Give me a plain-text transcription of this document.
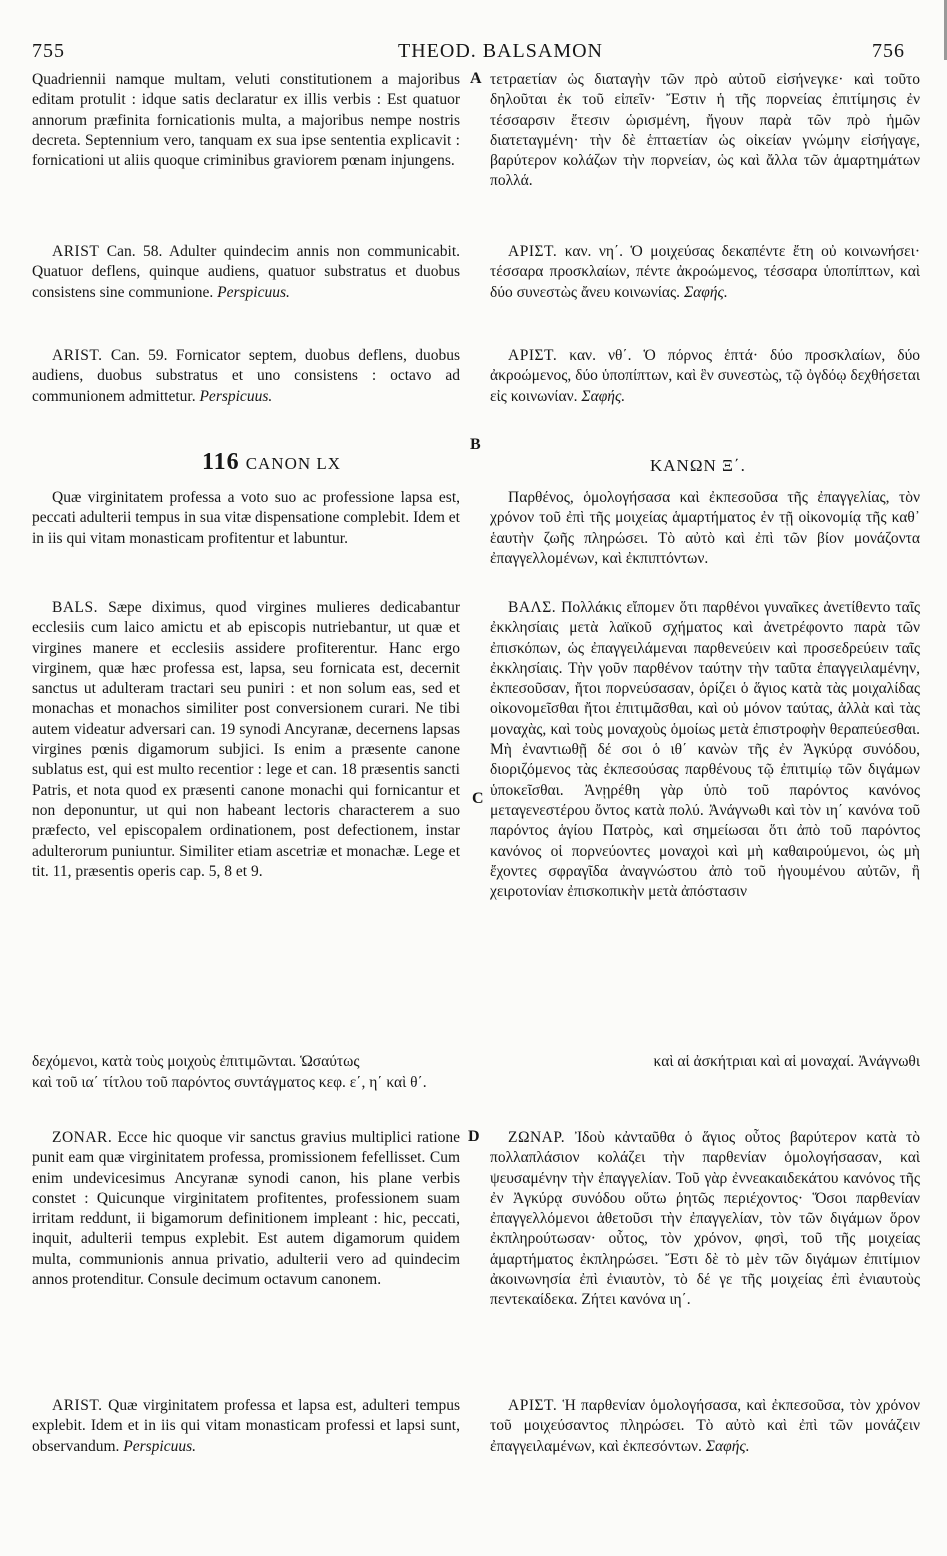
755	THEOD. BALSAMON	756
A
B
C
D

Quadriennii namque multam, veluti constitutionem a majoribus editam protulit : idque satis declaratur ex illis verbis : Est quatuor annorum præfinita fornicationis multa, a majoribus nempe nostris decreta. Septennium vero, tanquam ex sua ipse sententia explicavit : fornicationi ut aliis quoque criminibus graviorem pœnam injungens.

ARIST Can. 58. Adulter quindecim annis non communicabit. Quatuor deflens, quinque audiens, quatuor substratus et duobus consistens sine communione. Perspicuus.

ARIST. Can. 59. Fornicator septem, duobus deflens, duobus audiens, duobus substratus et uno consistens : octavo ad communionem admittetur. Perspicuus.

116 CANON LX

Quæ virginitatem professa a voto suo ac professione lapsa est, peccati adulterii tempus in sua vitæ dispensatione complebit. Idem et in iis qui vitam monasticam profitentur et labuntur.

BALS. Sæpe diximus, quod virgines mulieres dedicabantur ecclesiis cum laico amictu et ab episcopis nutriebantur, ut quæ et virgines manere et ecclesiis assidere profiterentur. Hanc ergo virginem, quæ hæc professa est, lapsa, seu fornicata est, decernit sanctus ut adulteram tractari seu puniri : et non solum eas, sed et monachas et monachos similiter post conversionem curari. Ne tibi autem videatur adversari can. 19 synodi Ancyranæ, decernens lapsas virgines pœnis digamorum subjici. Is enim a præsente canone sublatus est, qui est multo recentior : lege et can. 18 præsentis sancti Patris, et nota quod ex præsenti canone monachi qui fornicantur et non deponuntur, ut qui non habeant lectoris characterem a suo præfecto, vel episcopalem ordinationem, post defectionem, instar adulterorum puniuntur. Similiter etiam ascetriæ et monachæ. Lege et tit. 11, præsentis operis cap. 5, 8 et 9.

ZONAR. Ecce hic quoque vir sanctus gravius multiplici ratione punit eam quæ virginitatem professa, promissionem fefellisset. Cum enim undevicesimus Ancyranæ synodi canon, his plane verbis constet : Quicunque virginitatem profitentes, professionem suam irritam reddunt, ii bigamorum definitionem impleant : hic, peccati, inquit, adulterii tempus explebit. Est autem digamorum quidem multa, communionis annua privatio, adulterii vero ad quindecim annos protenditur. Consule decimum octavum canonem.

ARIST. Quæ virginitatem professa et lapsa est, adulteri tempus explebit. Idem et in iis qui vitam monasticam professi et lapsi sunt, observandum. Perspicuus.

τετραετίαν ὡς διαταγὴν τῶν πρὸ αὐτοῦ εἰσήνεγκε· καὶ τοῦτο δηλοῦται ἐκ τοῦ εἰπεῖν· Ἔστιν ἡ τῆς πορνείας ἐπιτίμησις ἐν τέσσαρσιν ἔτεσιν ὡρισμένη, ἤγουν παρὰ τῶν πρὸ ἡμῶν διατεταγμένη· τὴν δὲ ἑπταετίαν ὡς οἰκείαν γνώμην εἰσήγαγε, βαρύτερον κολάζων τὴν πορνείαν, ὡς καὶ ἄλλα τῶν ἁμαρτημάτων πολλά.

ΑΡΙΣΤ. καν. νη΄. Ὁ μοιχεύσας δεκαπέντε ἔτη οὐ κοινωνήσει· τέσσαρα προσκλαίων, πέντε ἀκροώμενος, τέσσαρα ὑποπίπτων, καὶ δύο συνεστὼς ἄνευ κοινωνίας. Σαφής.

ΑΡΙΣΤ. καν. νθ΄. Ὁ πόρνος ἑπτά· δύο προσκλαίων, δύο ἀκροώμενος, δύο ὑποπίπτων, καὶ ἓν συνεστὼς, τῷ ὀγδόῳ δεχθήσεται εἰς κοινωνίαν. Σαφής.

ΚΑΝΩΝ Ξ΄.

Παρθένος, ὁμολογήσασα καὶ ἐκπεσοῦσα τῆς ἐπαγγελίας, τὸν χρόνον τοῦ ἐπὶ τῆς μοιχείας ἁμαρτήματος ἐν τῇ οἰκονομίᾳ τῆς καθ᾽ ἑαυτὴν ζωῆς πληρώσει. Τὸ αὐτὸ καὶ ἐπὶ τῶν βίον μονάζοντα ἐπαγγελλομένων, καὶ ἐκπιπτόντων.

ΒΑΛΣ. Πολλάκις εἴπομεν ὅτι παρθένοι γυναῖκες ἀνετίθεντο ταῖς ἐκκλησίαις μετὰ λαϊκοῦ σχήματος καὶ ἀνετρέφοντο παρὰ τῶν ἐπισκόπων, ὡς ἐπαγγειλάμεναι παρθενεύειν καὶ προσεδρεύειν ταῖς ἐκκλησίαις. Τὴν γοῦν παρθένον ταύτην τὴν ταῦτα ἐπαγγειλαμένην, ἐκπεσοῦσαν, ἤτοι πορνεύσασαν, ὁρίζει ὁ ἅγιος κατὰ τὰς μοιχαλίδας οἰκονομεῖσθαι ἤτοι ἐπιτιμᾶσθαι, καὶ οὐ μόνον ταύτας, ἀλλὰ καὶ τὰς μοναχὰς, καὶ τοὺς μοναχοὺς ὁμοίως μετὰ ἐπιστροφὴν θεραπεύεσθαι. Μὴ ἐναντιωθῇ δέ σοι ὁ ιθ΄ κανὼν τῆς ἐν Ἀγκύρᾳ συνόδου, διοριζόμενος τὰς ἐκπεσούσας παρθένους τῷ ἐπιτιμίῳ τῶν διγάμων ὑποκεῖσθαι. Ἀνῃρέθη γὰρ ὑπὸ τοῦ παρόντος κανόνος μεταγενεστέρου ὄντος κατὰ πολύ. Ἀνάγνωθι καὶ τὸν ιη΄ κανόνα τοῦ παρόντος ἁγίου Πατρὸς, καὶ σημείωσαι ὅτι ἀπὸ τοῦ παρόντος κανόνος οἱ πορνεύοντες μοναχοὶ καὶ μὴ καθαιρούμενοι, ὡς μὴ ἔχοντες σφραγῖδα ἀναγνώστου ἀπὸ τοῦ ἡγουμένου αὐτῶν, ἢ χειροτονίαν ἐπισκοπικὴν μετὰ ἀπόστασιν

δεχόμενοι, κατὰ τοὺς μοιχοὺς ἐπιτιμῶνται. Ὡσαύτως	καὶ αἱ ἀσκήτριαι καὶ αἱ μοναχαί. Ἀνάγνωθι
καὶ τοῦ ια΄ τίτλου τοῦ παρόντος συντάγματος κεφ. ε΄, η΄ καὶ θ΄.

ΖΩΝΑΡ. Ἰδοὺ κἀνταῦθα ὁ ἅγιος οὗτος βαρύτερον κατὰ τὸ πολλαπλάσιον κολάζει τὴν παρθενίαν ὁμολογήσασαν, καὶ ψευσαμένην τὴν ἐπαγγελίαν. Τοῦ γὰρ ἐννεακαιδεκάτου κανόνος τῆς ἐν Ἀγκύρᾳ συνόδου οὕτω ῥητῶς περιέχοντος· Ὅσοι παρθενίαν ἐπαγγελλόμενοι ἀθετοῦσι τὴν ἐπαγγελίαν, τὸν τῶν διγάμων ὅρον ἐκπληρούτωσαν· οὗτος, τὸν χρόνον, φησὶ, τοῦ τῆς μοιχείας ἁμαρτήματος ἐκπληρώσει. Ἔστι δὲ τὸ μὲν τῶν διγάμων ἐπιτίμιον ἀκοινωνησία ἐπὶ ἐνιαυτὸν, τὸ δέ γε τῆς μοιχείας ἐπὶ ἐνιαυτοὺς πεντεκαίδεκα. Ζήτει κανόνα ιη΄.

ΑΡΙΣΤ. Ἡ παρθενίαν ὁμολογήσασα, καὶ ἐκπεσοῦσα, τὸν χρόνον τοῦ μοιχεύσαντος πληρώσει. Τὸ αὐτὸ καὶ ἐπὶ τῶν μονάζειν ἐπαγγειλαμένων, καὶ ἐκπεσόντων. Σαφής.
